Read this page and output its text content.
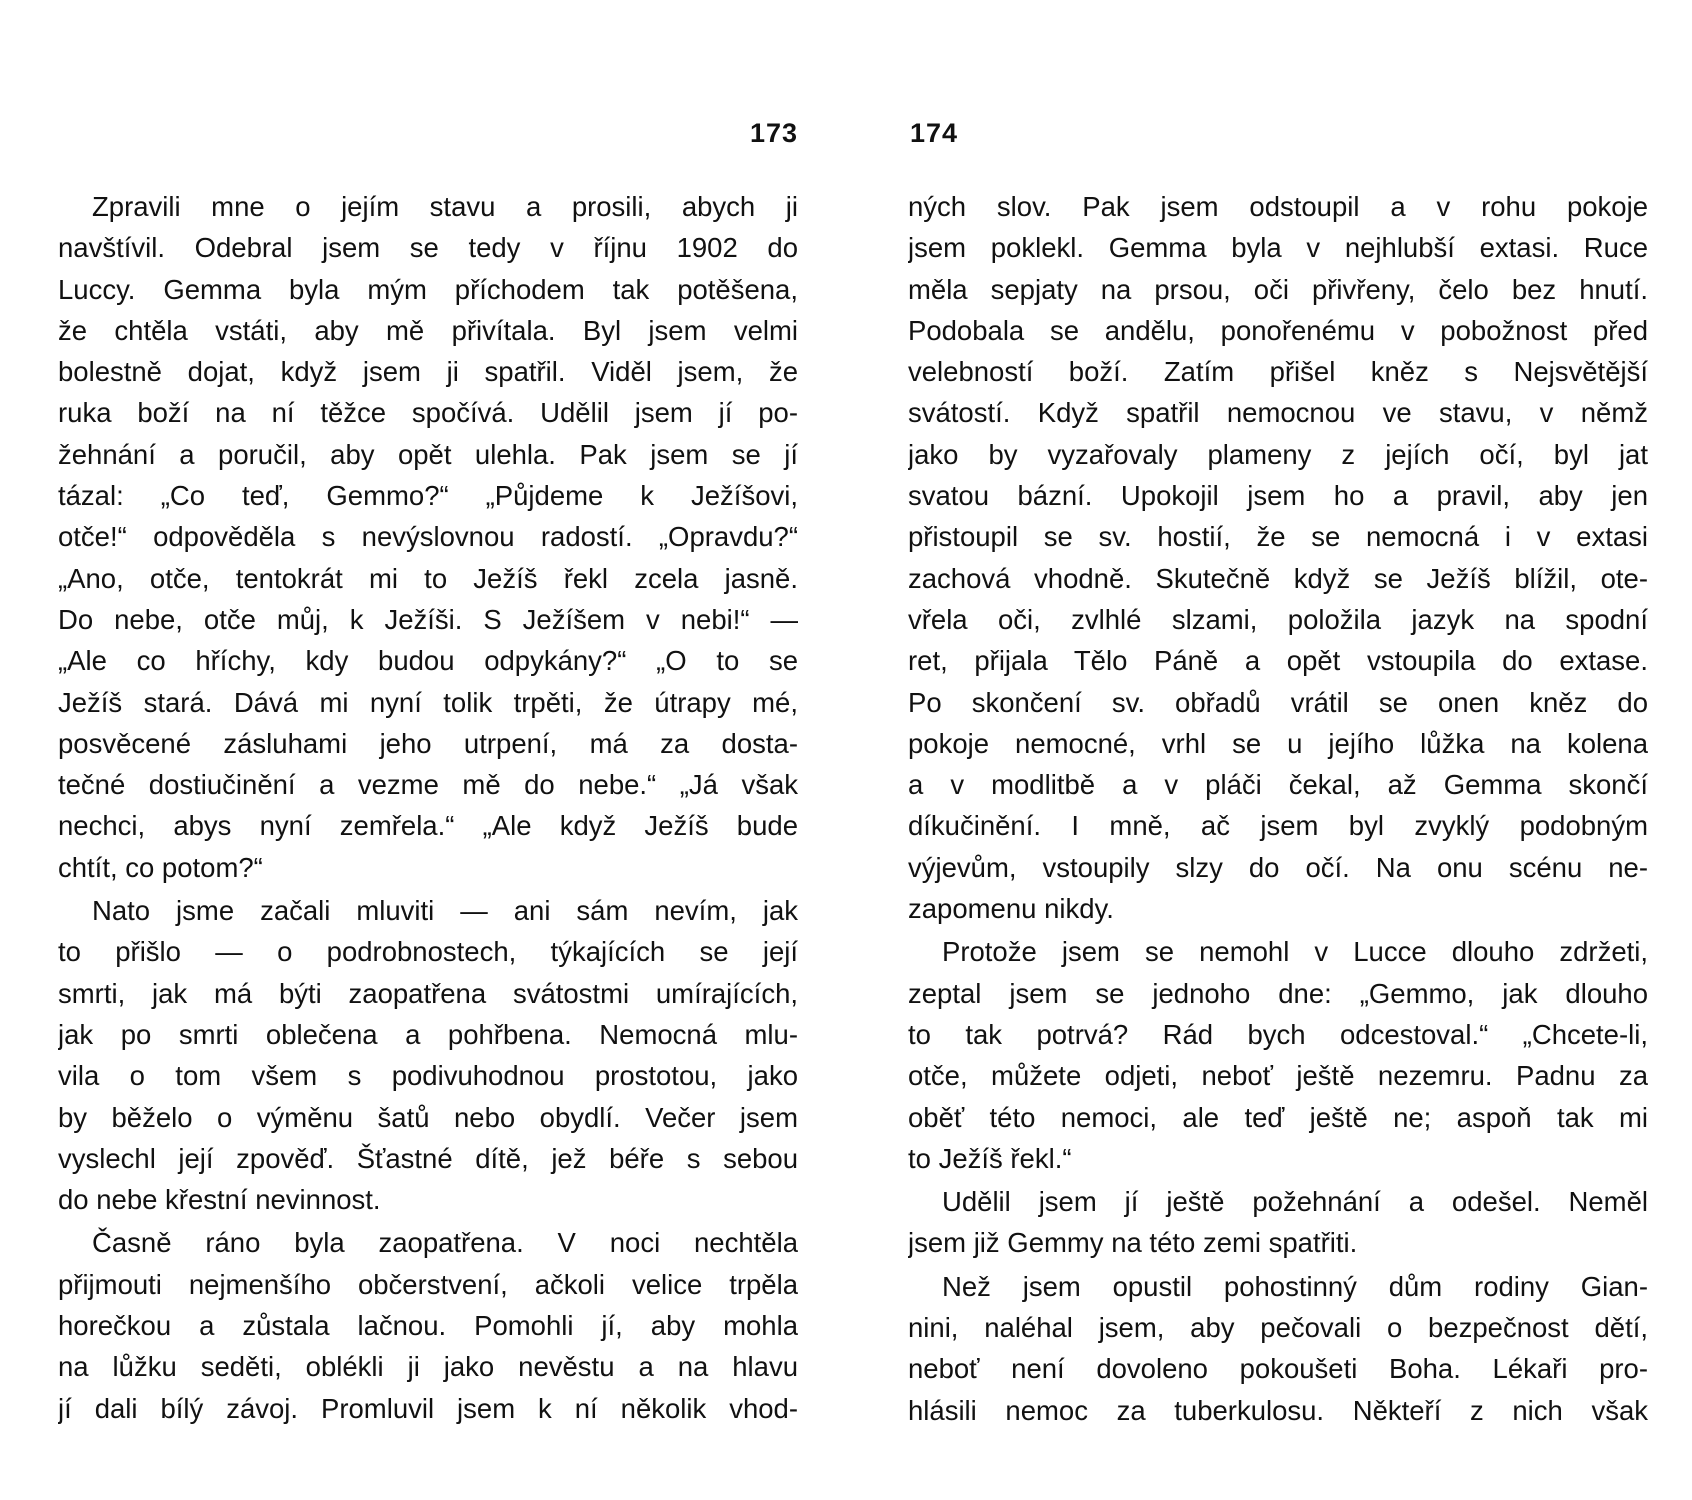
173

Zpravili mne o jejím stavu a prosili, abych ji
navštívil. Odebral jsem se tedy v říjnu 1902 do
Luccy. Gemma byla mým příchodem tak potěšena,
že chtěla vstáti, aby mě přivítala. Byl jsem velmi
bolestně dojat, když jsem ji spatřil. Viděl jsem, že
ruka boží na ní těžce spočívá. Udělil jsem jí po-
žehnání a poručil, aby opět ulehla. Pak jsem se jí
tázal: „Co teď, Gemmo?“ „Půjdeme k Ježíšovi,
otče!“ odpověděla s nevýslovnou radostí. „Opravdu?“
„Ano, otče, tentokrát mi to Ježíš řekl zcela jasně.
Do nebe, otče můj, k Ježíši. S Ježíšem v nebi!“ —
„Ale co hříchy, kdy budou odpykány?“ „O to se
Ježíš stará. Dává mi nyní tolik trpěti, že útrapy mé,
posvěcené zásluhami jeho utrpení, má za dosta-
tečné dostiučinění a vezme mě do nebe.“ „Já však
nechci, abys nyní zemřela.“ „Ale když Ježíš bude
chtít, co potom?“

Nato jsme začali mluviti — ani sám nevím, jak
to přišlo — o podrobnostech, týkajících se její
smrti, jak má býti zaopatřena svátostmi umírajících,
jak po smrti oblečena a pohřbena. Nemocná mlu-
vila o tom všem s podivuhodnou prostotou, jako
by běželo o výměnu šatů nebo obydlí. Večer jsem
vyslechl její zpověď. Šťastné dítě, jež béře s sebou
do nebe křestní nevinnost.

Časně ráno byla zaopatřena. V noci nechtěla
přijmouti nejmenšího občerstvení, ačkoli velice trpěla
horečkou a zůstala lačnou. Pomohli jí, aby mohla
na lůžku seděti, oblékli ji jako nevěstu a na hlavu
jí dali bílý závoj. Promluvil jsem k ní několik vhod-

174

ných slov. Pak jsem odstoupil a v rohu pokoje
jsem poklekl. Gemma byla v nejhlubší extasi. Ruce
měla sepjaty na prsou, oči přivřeny, čelo bez hnutí.
Podobala se andělu, ponořenému v pobožnost před
velebností boží. Zatím přišel kněz s Nejsvětější
svátostí. Když spatřil nemocnou ve stavu, v němž
jako by vyzařovaly plameny z jejích očí, byl jat
svatou bázní. Upokojil jsem ho a pravil, aby jen
přistoupil se sv. hostií, že se nemocná i v extasi
zachová vhodně. Skutečně když se Ježíš blížil, ote-
vřela oči, zvlhlé slzami, položila jazyk na spodní
ret, přijala Tělo Páně a opět vstoupila do extase.
Po skončení sv. obřadů vrátil se onen kněz do
pokoje nemocné, vrhl se u jejího lůžka na kolena
a v modlitbě a v pláči čekal, až Gemma skončí
díkučinění. I mně, ač jsem byl zvyklý podobným
výjevům, vstoupily slzy do očí. Na onu scénu ne-
zapomenu nikdy.

Protože jsem se nemohl v Lucce dlouho zdržeti,
zeptal jsem se jednoho dne: „Gemmo, jak dlouho
to tak potrvá? Rád bych odcestoval.“ „Chcete-li,
otče, můžete odjeti, neboť ještě nezemru. Padnu za
oběť této nemoci, ale teď ještě ne; aspoň tak mi
to Ježíš řekl.“

Udělil jsem jí ještě požehnání a odešel. Neměl
jsem již Gemmy na této zemi spatřiti.

Než jsem opustil pohostinný dům rodiny Gian-
nini, naléhal jsem, aby pečovali o bezpečnost dětí,
neboť není dovoleno pokoušeti Boha. Lékaři pro-
hlásili nemoc za tuberkulosu. Někteří z nich však
